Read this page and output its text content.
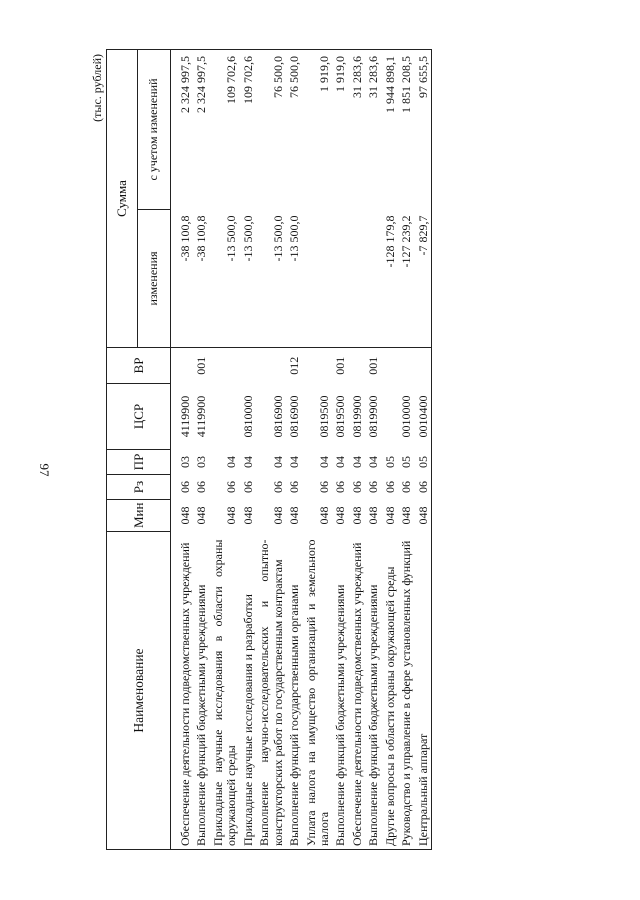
97
(тыс. рублей)
Наименование	Мин	Рз	ПР	ЦСР	ВР	Сумма	
						изменения	с учетом изменений
Обеспечение деятельности подведомственных учреждений	048	06	03	4119900		-38 100,8	2 324 997,5
Выполнение функций бюджетными учреждениями	048	06	03	4119900	001	-38 100,8	2 324 997,5
Прикладные научные исследования в области охраны окружающей среды	048	06	04			-13 500,0	109 702,6
Прикладные научные исследования и разработки	048	06	04	0810000		-13 500,0	109 702,6
Выполнение научно-исследовательских и опытно-конструкторских работ по государственным контрактам	048	06	04	0816900		-13 500,0	76 500,0
Выполнение функций государственными органами	048	06	04	0816900	012	-13 500,0	76 500,0
Уплата налога на имущество организаций и земельного налога	048	06	04	0819500			1 919,0
Выполнение функций бюджетными учреждениями	048	06	04	0819500	001		1 919,0
Обеспечение деятельности подведомственных учреждений	048	06	04	0819900			31 283,6
Выполнение функций бюджетными учреждениями	048	06	04	0819900	001		31 283,6
Другие вопросы в области охраны окружающей среды	048	06	05			-128 179,8	1 944 898,1
Руководство и управление в сфере установленных функций	048	06	05	0010000		-127 239,2	1 851 208,5
Центральный аппарат	048	06	05	0010400		-7 829,7	97 655,5
